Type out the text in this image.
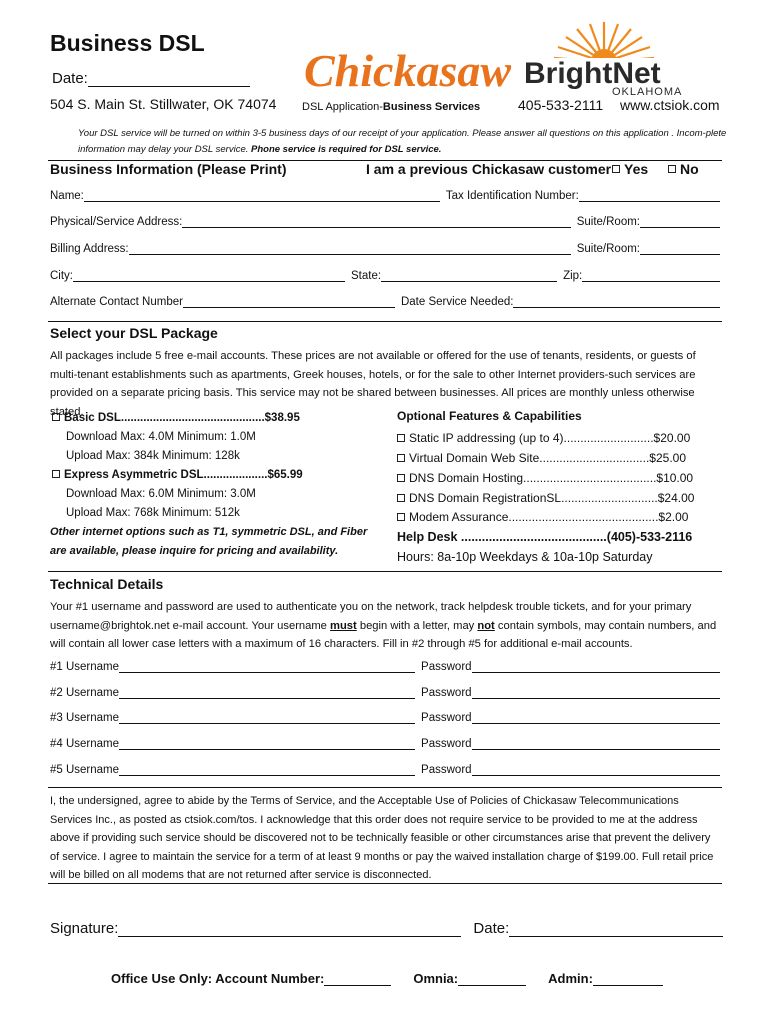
Business DSL
Date:
504 S. Main St. Stillwater, OK 74074
Chickasaw
DSL Application-Business Services
BrightNet
OKLAHOMA
405-533-2111 www.ctsiok.com
Your DSL service will be turned on within 3-5 business days of our receipt of your application. Please answer all questions on this application . Incom-plete information may delay your DSL service. Phone service is required for DSL service.
Business Information (Please Print)	I am a previous Chickasaw customer Yes	No
Name:	Tax Identification Number:
Physical/Service Address:	Suite/Room:
Billing Address:	Suite/Room:
City:	State:	Zip:
Alternate Contact Number	Date Service Needed:
Select your DSL Package
All packages include 5 free e-mail accounts. These prices are not available or offered for the use of tenants, residents, or guests of multi-tenant establishments such as apartments, Greek houses, hotels, or for the sale to other Internet providers-such services are provided on a separate pricing basis. This service may not be shared between businesses. All prices are monthly unless otherwise stated.
Basic DSL.............................................$38.95
Download Max: 4.0M Minimum: 1.0M
Upload Max: 384k Minimum: 128k
Express Asymmetric DSL....................$65.99
Download Max: 6.0M Minimum: 3.0M
Upload Max: 768k Minimum: 512k
Other internet options such as T1, symmetric DSL, and Fiber
are available, please inquire for pricing and availability.
Optional Features & Capabilities
Static IP addressing (up to 4)...........................$20.00
Virtual Domain Web Site.................................$25.00
DNS Domain Hosting........................................$10.00
DNS Domain RegistrationSL.............................$24.00
Modem Assurance.............................................$2.00
Help Desk ..........................................(405)-533-2116
Hours: 8a-10p Weekdays & 10a-10p Saturday
Technical Details
Your #1 username and password are used to authenticate you on the network, track helpdesk trouble tickets, and for your primary username@brightok.net e-mail account. Your username must begin with a letter, may not contain symbols, may contain numbers, and will contain all lower case letters with a maximum of 16 characters. Fill in #2 through #5 for additional e-mail accounts.
#1 Username	Password
#2 Username	Password
#3 Username	Password
#4 Username	Password
#5 Username	Password
I, the undersigned, agree to abide by the Terms of Service, and the Acceptable Use of Policies of Chickasaw Telecommunications Services Inc., as posted as ctsiok.com/tos. I acknowledge that this order does not require service to be provided to me at the address above if providing such service should be discovered not to be technically feasible or other circumstances arise that prevent the delivery of service. I agree to maintain the service for a term of at least 9 months or pay the waived installation charge of $199.00. Full retail price will be billed on all modems that are not returned after service is disconnected.
Signature:	Date:
Office Use Only: Account Number:	Omnia:	Admin:
